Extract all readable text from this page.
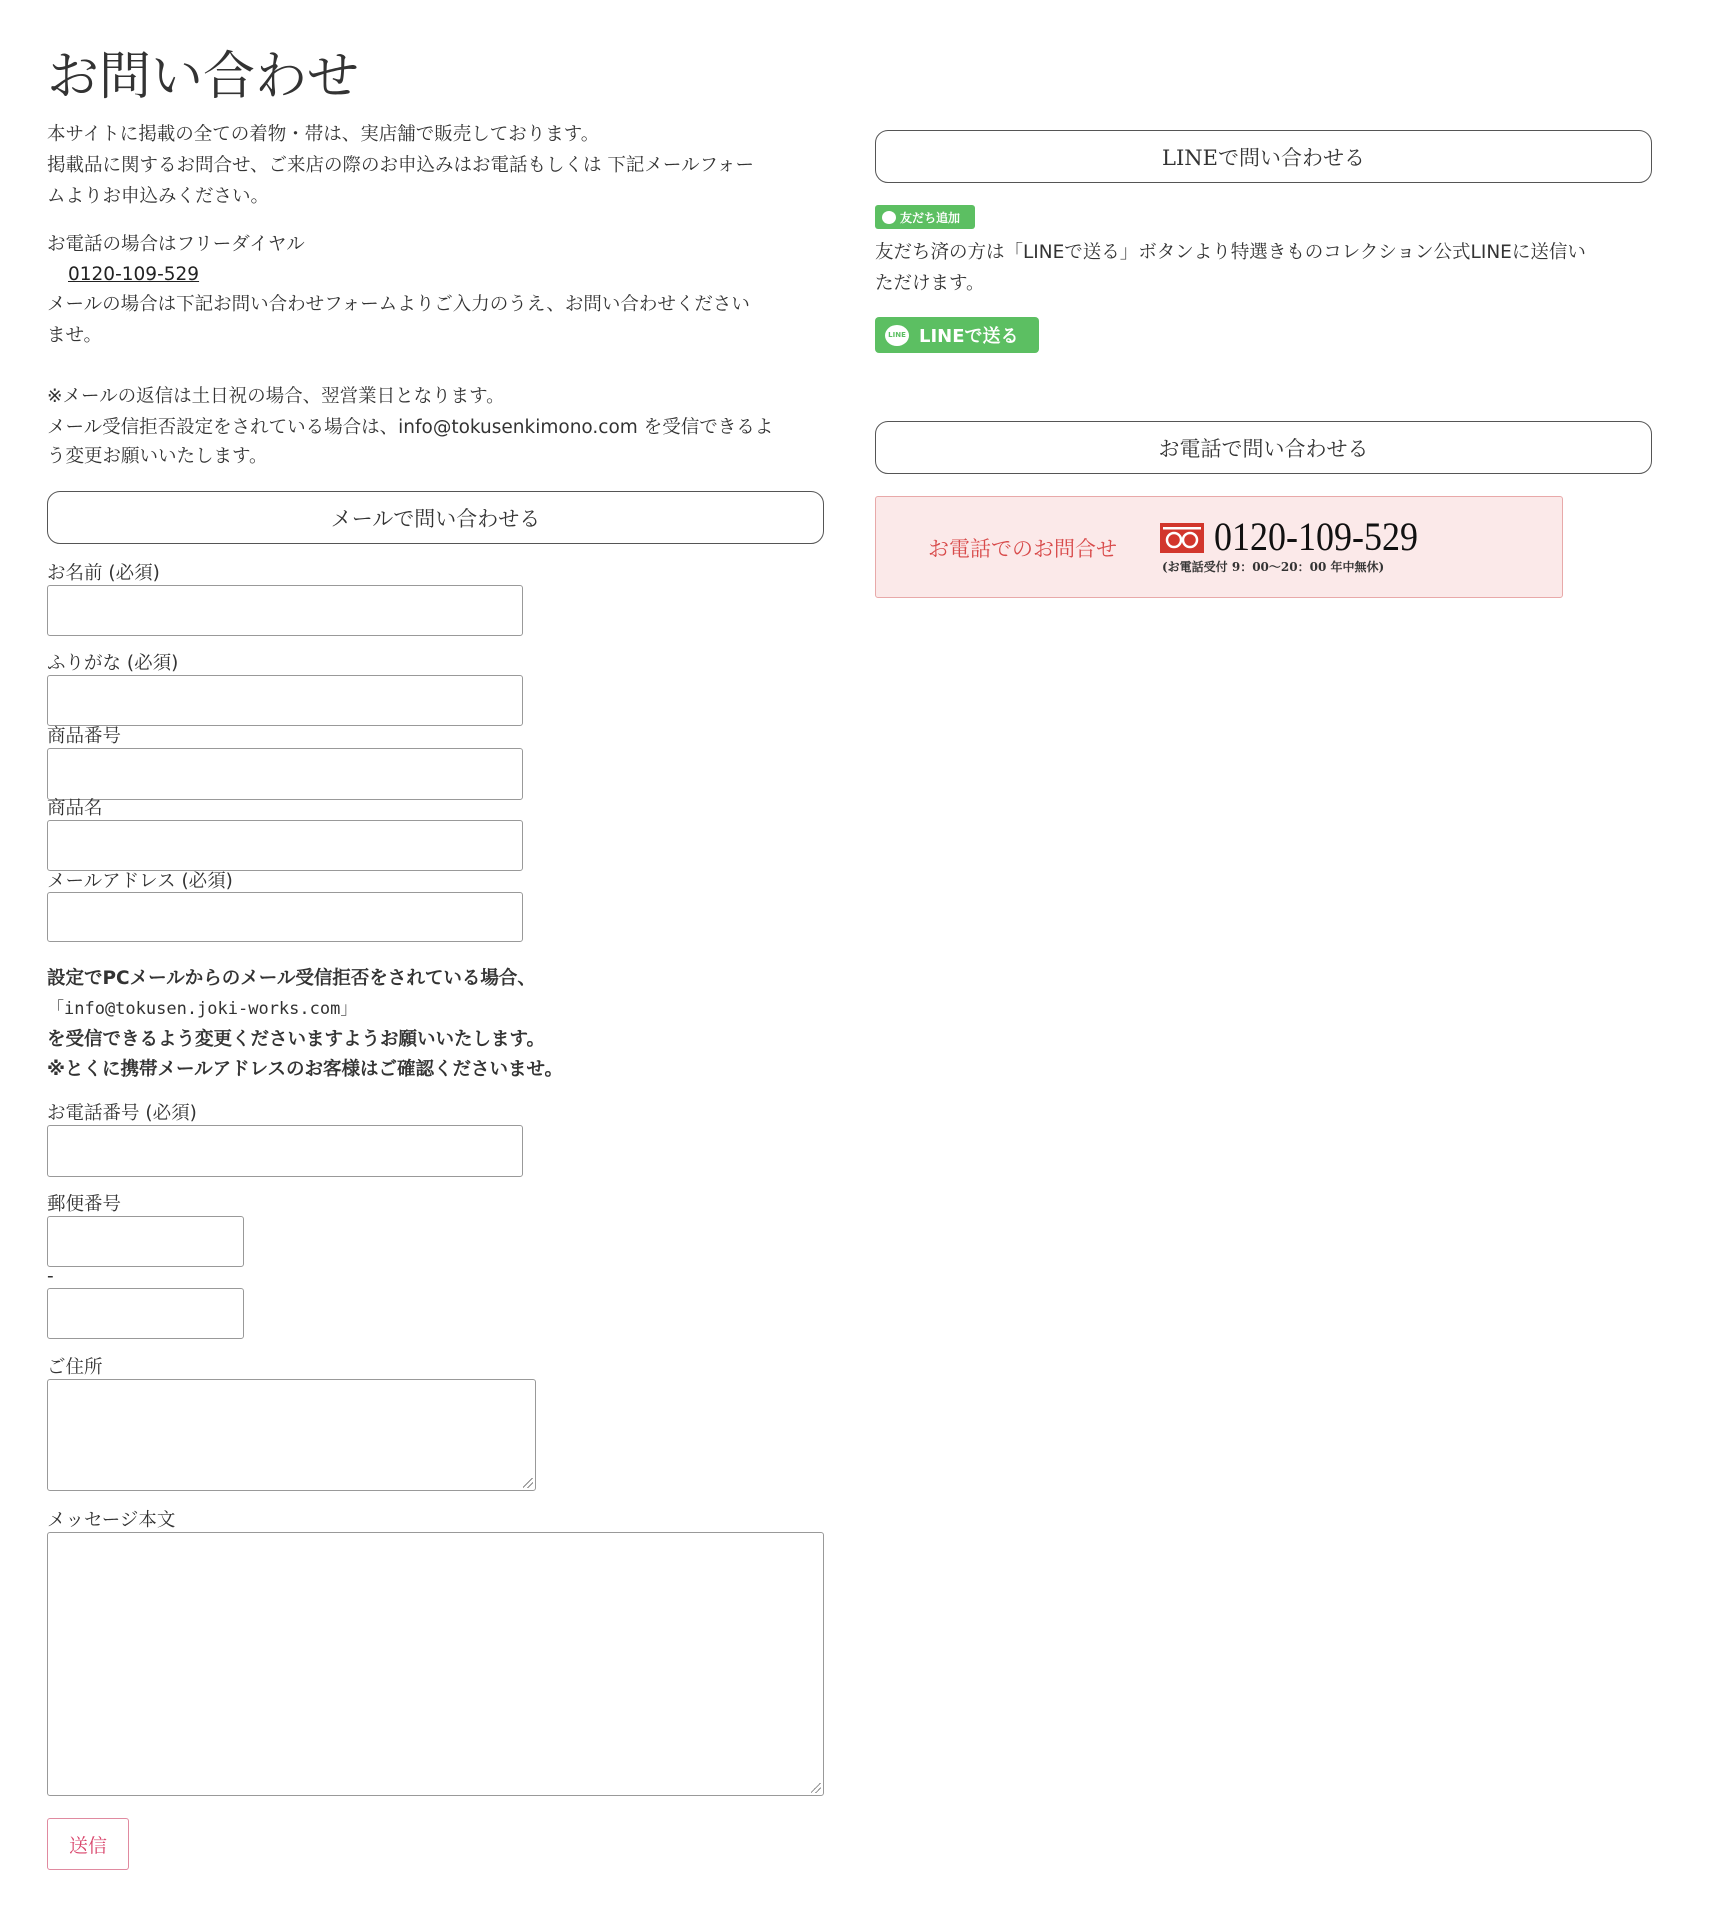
お問い合わせ
本サイトに掲載の全ての着物・帯は、実店舗で販売しております。
掲載品に関するお問合せ、ご来店の際のお申込みはお電話もしくは 下記メールフォー
ムよりお申込みください。
お電話の場合はフリーダイヤル
0120-109-529
メールの場合は下記お問い合わせフォームよりご入力のうえ、お問い合わせください
ませ。
※メールの返信は土日祝の場合、翌営業日となります。
メール受信拒否設定をされている場合は、info@tokusenkimono.com を受信できるよ
う変更お願いいたします。
メールで問い合わせる
お名前 (必須)
ふりがな (必須)
商品番号
商品名
メールアドレス (必須)
設定でPCメールからのメール受信拒否をされている場合、
「info@tokusen.joki-works.com」
を受信できるよう変更くださいますようお願いいたします。
※とくに携帯メールアドレスのお客様はご確認くださいませ。
お電話番号 (必須)
郵便番号
-
ご住所
メッセージ本文
送信
LINEで問い合わせる
友だち追加
友だち済の方は「LINEで送る」ボタンより特選きものコレクション公式LINEに送信い
ただけます。
LINE LINEで送る
お電話で問い合わせる
お電話でのお問合せ 0120-109-529
(お電話受付 9：00～20：00 年中無休)
